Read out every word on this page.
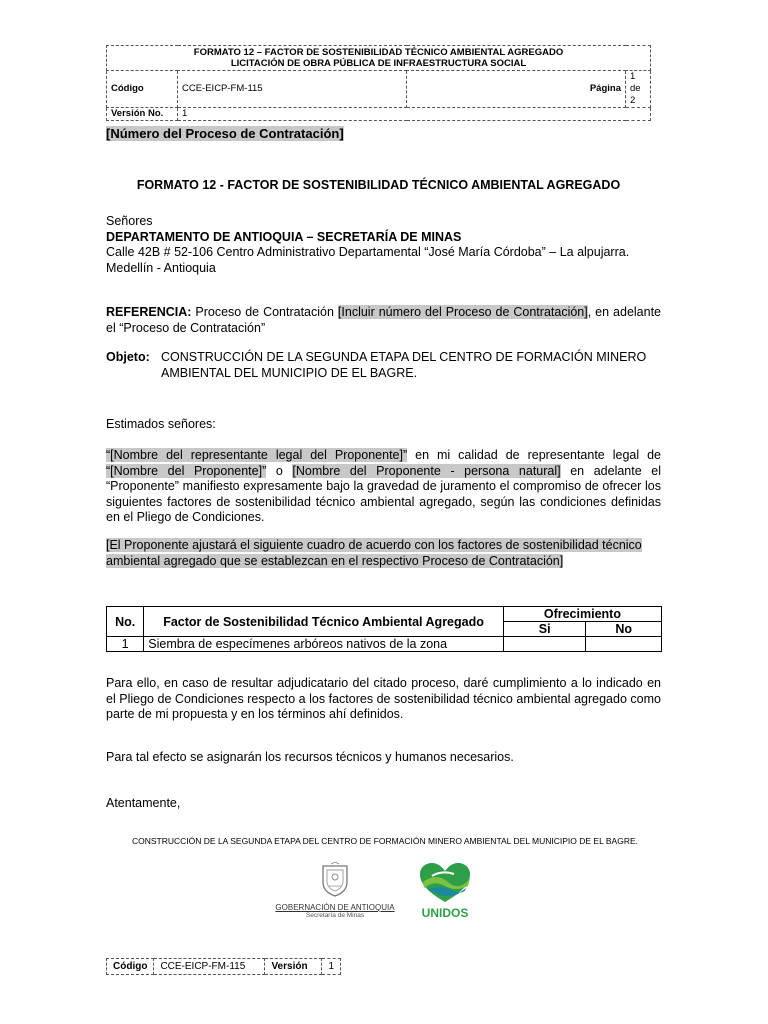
FORMATO 12 – FACTOR DE SOSTENIBILIDAD TÉCNICO AMBIENTAL AGREGADO
LICITACIÓN DE OBRA PÚBLICA DE INFRAESTRUCTURA SOCIAL			

Código	CCE-EICP-FM-115	Página	1 de 2
Versión No.	1		
[Número del Proceso de Contratación]
FORMATO 12 - FACTOR DE SOSTENIBILIDAD TÉCNICO AMBIENTAL AGREGADO
Señores
DEPARTAMENTO DE ANTIOQUIA – SECRETARÍA DE MINAS
Calle 42B # 52-106 Centro Administrativo Departamental “José María Córdoba” – La alpujarra.
Medellín - Antioquia
REFERENCIA: Proceso de Contratación [Incluir número del Proceso de Contratación], en adelante el “Proceso de Contratación”
Objeto: CONSTRUCCIÓN DE LA SEGUNDA ETAPA DEL CENTRO DE FORMACIÓN MINERO AMBIENTAL DEL MUNICIPIO DE EL BAGRE.
Estimados señores:
“[Nombre del representante legal del Proponente]” en mi calidad de representante legal de “[Nombre del Proponente]” o [Nombre del Proponente - persona natural] en adelante el “Proponente” manifiesto expresamente bajo la gravedad de juramento el compromiso de ofrecer los siguientes factores de sostenibilidad técnico ambiental agregado, según las condiciones definidas en el Pliego de Condiciones.
[El Proponente ajustará el siguiente cuadro de acuerdo con los factores de sostenibilidad técnico ambiental agregado que se establezcan en el respectivo Proceso de Contratación]
No.	Factor de Sostenibilidad Técnico Ambiental Agregado	Ofrecimiento	
		Si	No
1	Siembra de especímenes arbóreos nativos de la zona		
Para ello, en caso de resultar adjudicatario del citado proceso, daré cumplimiento a lo indicado en el Pliego de Condiciones respecto a los factores de sostenibilidad técnico ambiental agregado como parte de mi propuesta y en los términos ahí definidos.
Para tal efecto se asignarán los recursos técnicos y humanos necesarios.
Atentamente,
CONSTRUCCIÓN DE LA SEGUNDA ETAPA DEL CENTRO DE FORMACIÓN MINERO AMBIENTAL DEL MUNICIPIO DE EL BAGRE.
GOBERNACIÓN DE ANTIOQUIA
Secretaría de Minas	UNIDOS
Código	CCE-EICP-FM-115	Versión	1
